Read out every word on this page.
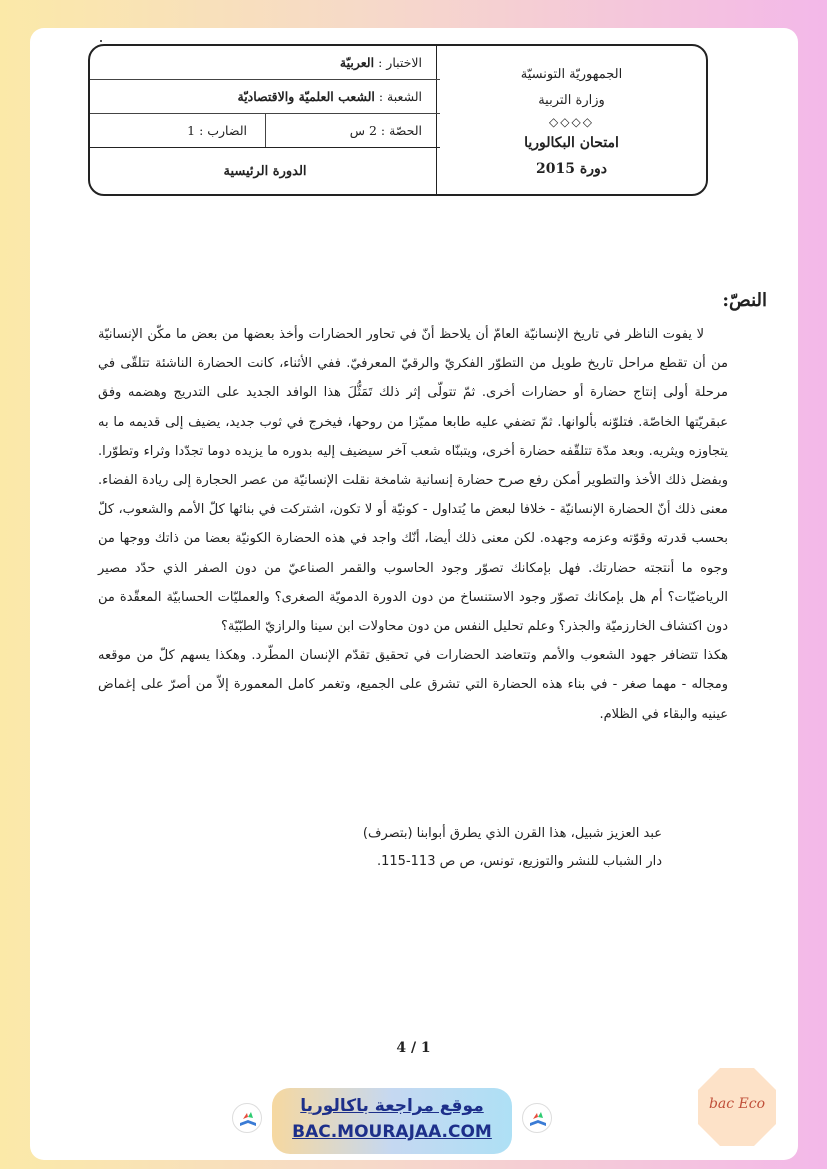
الجمهوريّة التونسيّة
وزارة التربية
◇◇◇◇
امتحان البكالوريا
دورة 2015
الاختبار :
العربيّة
الشعبة :
الشعب العلميّة والاقتصاديّة
الحصّة : 2 س
الضارب : 1
الدورة الرئيسية
النصّ:

لا يفوت الناظر في تاريخ الإنسانيّة العامّ أن يلاحظ أنّ في تحاور الحضارات وأخذ بعضها من بعض ما مكّن الإنسانيّة من أن تقطع مراحل تاريخ طويل من التطوّر الفكريّ والرقيّ المعرفيّ. ففي الأثناء، كانت الحضارة الناشئة تتلقّى في مرحلة أولى إنتاج حضارة أو حضارات أخرى. ثمّ تتولّى إثر ذلك تَمَثُّلَ هذا الوافد الجديد على التدريج وهضمه وفق عبقريّتها الخاصّة. فتلوّنه بألوانها. ثمّ تضفي عليه طابعا مميّزا من روحها، فيخرج في ثوب جديد، يضيف إلى قديمه ما به يتجاوزه ويثريه. وبعد مدّة تتلقّفه حضارة أخرى، ويتبنّاه شعب آخر سيضيف إليه بدوره ما يزيده دوما تجدّدا وثراء وتطوّرا. وبفضل ذلك الأخذ والتطوير أمكن رفع صرح حضارة إنسانية شامخة نقلت الإنسانيّة من عصر الحجارة إلى ريادة الفضاء. معنى ذلك أنّ الحضارة الإنسانيّة - خلافا لبعض ما يُتداول - كونيّة أو لا تكون، اشتركت في بنائها كلّ الأمم والشعوب، كلّ بحسب قدرته وقوّته وعزمه وجهده. لكن معنى ذلك أيضا، أنّك واجد في هذه الحضارة الكونيّة بعضا من ذاتك ووجها من وجوه ما أنتجته حضارتك. فهل بإمكانك تصوّر وجود الحاسوب والقمر الصناعيّ من دون الصفر الذي حدّد مصير الرياضيّات؟ أم هل بإمكانك تصوّر وجود الاستنساخ من دون الدورة الدمويّة الصغرى؟ والعمليّات الحسابيّة المعقّدة من دون اكتشاف الخارزميّة والجذر؟ وعلم تحليل النفس من دون محاولات ابن سينا والرازيّ الطبّيّة؟

هكذا تتضافر جهود الشعوب والأمم وتتعاضد الحضارات في تحقيق تقدّم الإنسان المطّرد. وهكذا يسهم كلّ من موقعه ومجاله - مهما صغر - في بناء هذه الحضارة التي تشرق على الجميع، وتغمر كامل المعمورة إلاّ من أصرّ على إغماض عينيه والبقاء في الظلام.

عبد العزيز شبيل، هذا القرن الذي يطرق أبوابنا (بتصرف)
دار الشباب للنشر والتوزيع، تونس، ص ص 113-115.
4 / 1
موقع مراجعة باكالوريا
BAC.MOURAJAA.COM
bac Eco
